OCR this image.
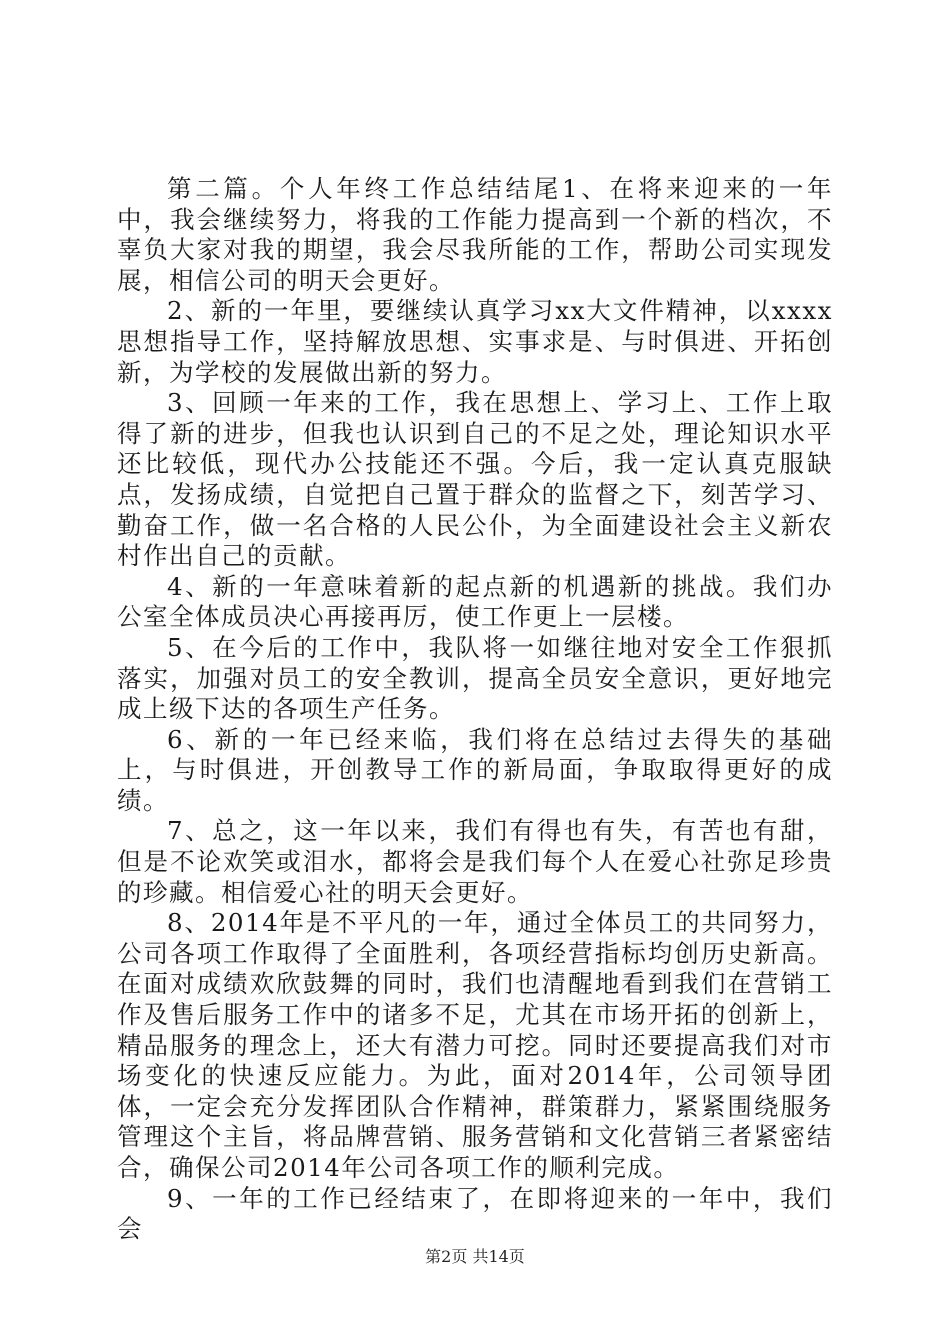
第二篇。个人年终工作总结结尾1、在将来迎来的一年中，我会继续努力，将我的工作能力提高到一个新的档次，不辜负大家对我的期望，我会尽我所能的工作，帮助公司实现发展，相信公司的明天会更好。

2、新的一年里，要继续认真学习xx大文件精神，以xxxx思想指导工作，坚持解放思想、实事求是、与时俱进、开拓创新，为学校的发展做出新的努力。

3、回顾一年来的工作，我在思想上、学习上、工作上取得了新的进步，但我也认识到自己的不足之处，理论知识水平还比较低，现代办公技能还不强。今后，我一定认真克服缺点，发扬成绩，自觉把自己置于群众的监督之下，刻苦学习、勤奋工作，做一名合格的人民公仆，为全面建设社会主义新农村作出自己的贡献。

4、新的一年意味着新的起点新的机遇新的挑战。我们办公室全体成员决心再接再厉，使工作更上一层楼。

5、在今后的工作中，我队将一如继往地对安全工作狠抓落实，加强对员工的安全教训，提高全员安全意识，更好地完成上级下达的各项生产任务。

6、新的一年已经来临，我们将在总结过去得失的基础上，与时俱进，开创教导工作的新局面，争取取得更好的成绩。

7、总之，这一年以来，我们有得也有失，有苦也有甜，但是不论欢笑或泪水，都将会是我们每个人在爱心社弥足珍贵的珍藏。相信爱心社的明天会更好。

8、2014年是不平凡的一年，通过全体员工的共同努力，公司各项工作取得了全面胜利，各项经营指标均创历史新高。在面对成绩欢欣鼓舞的同时，我们也清醒地看到我们在营销工作及售后服务工作中的诸多不足，尤其在市场开拓的创新上，精品服务的理念上，还大有潜力可挖。同时还要提高我们对市场变化的快速反应能力。为此，面对2014年，公司领导团体，一定会充分发挥团队合作精神，群策群力，紧紧围绕服务管理这个主旨，将品牌营销、服务营销和文化营销三者紧密结合，确保公司2014年公司各项工作的顺利完成。

9、一年的工作已经结束了，在即将迎来的一年中，我们会

第2页 共14页
